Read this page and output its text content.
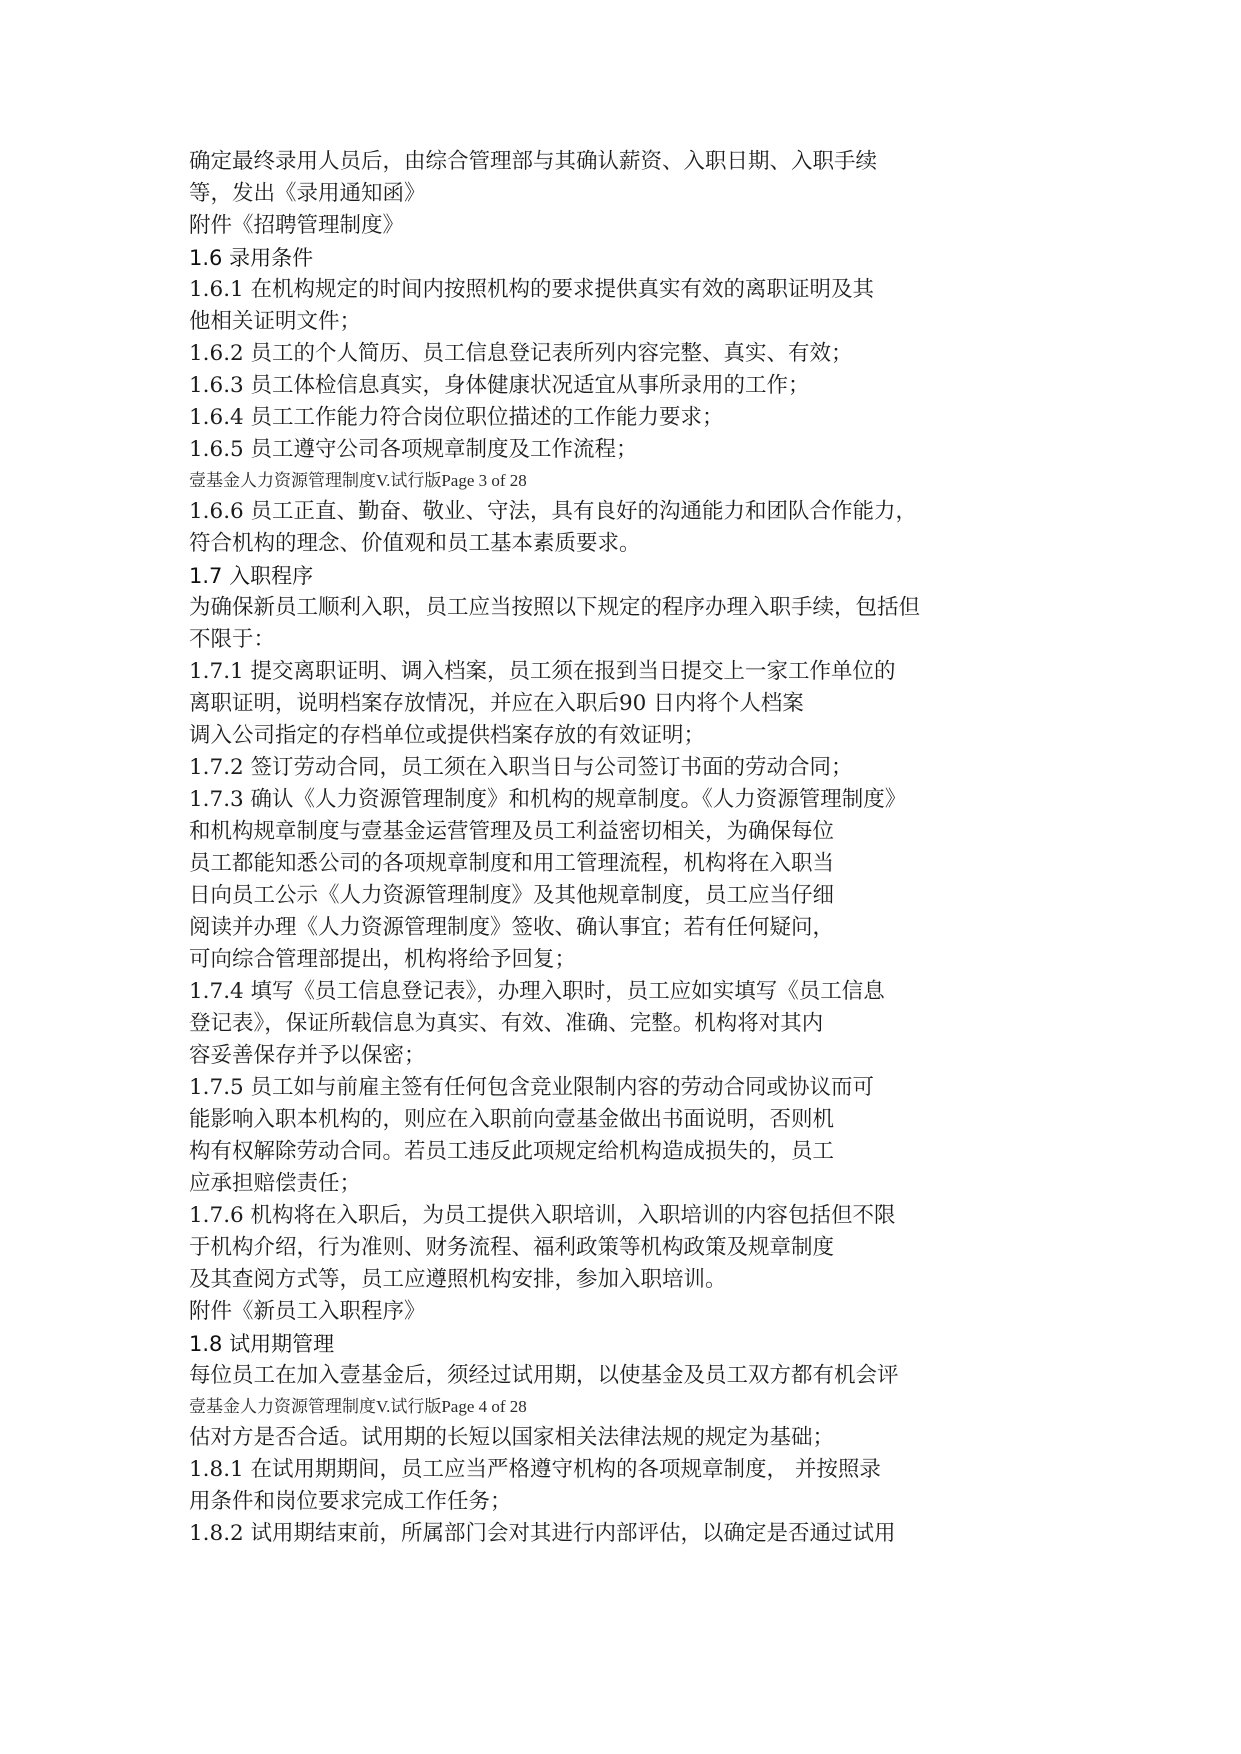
确定最终录用人员后，由综合管理部与其确认薪资、入职日期、入职手续
等，发出《录用通知函》
附件《招聘管理制度》
1.6 录用条件
1.6.1 在机构规定的时间内按照机构的要求提供真实有效的离职证明及其
他相关证明文件；
1.6.2 员工的个人简历、员工信息登记表所列内容完整、真实、有效；
1.6.3 员工体检信息真实，身体健康状况适宜从事所录用的工作；
1.6.4 员工工作能力符合岗位职位描述的工作能力要求；
1.6.5 员工遵守公司各项规章制度及工作流程；
壹基金人力资源管理制度V.试行版Page 3 of 28
1.6.6 员工正直、勤奋、敬业、守法，具有良好的沟通能力和团队合作能力，
符合机构的理念、价值观和员工基本素质要求。
1.7 入职程序
为确保新员工顺利入职，员工应当按照以下规定的程序办理入职手续，包括但
不限于：
1.7.1 提交离职证明、调入档案，员工须在报到当日提交上一家工作单位的
离职证明，说明档案存放情况，并应在入职后90 日内将个人档案
调入公司指定的存档单位或提供档案存放的有效证明；
1.7.2 签订劳动合同，员工须在入职当日与公司签订书面的劳动合同；
1.7.3 确认《人力资源管理制度》和机构的规章制度。《人力资源管理制度》
和机构规章制度与壹基金运营管理及员工利益密切相关，为确保每位
员工都能知悉公司的各项规章制度和用工管理流程，机构将在入职当
日向员工公示《人力资源管理制度》及其他规章制度，员工应当仔细
阅读并办理《人力资源管理制度》签收、确认事宜；若有任何疑问，
可向综合管理部提出，机构将给予回复；
1.7.4 填写《员工信息登记表》，办理入职时，员工应如实填写《员工信息
登记表》，保证所载信息为真实、有效、准确、完整。机构将对其内
容妥善保存并予以保密；
1.7.5 员工如与前雇主签有任何包含竞业限制内容的劳动合同或协议而可
能影响入职本机构的，则应在入职前向壹基金做出书面说明，否则机
构有权解除劳动合同。若员工违反此项规定给机构造成损失的，员工
应承担赔偿责任；
1.7.6 机构将在入职后，为员工提供入职培训，入职培训的内容包括但不限
于机构介绍，行为准则、财务流程、福利政策等机构政策及规章制度
及其查阅方式等，员工应遵照机构安排，参加入职培训。
附件《新员工入职程序》
1.8 试用期管理
每位员工在加入壹基金后，须经过试用期，以使基金及员工双方都有机会评
壹基金人力资源管理制度V.试行版Page 4 of 28
估对方是否合适。试用期的长短以国家相关法律法规的规定为基础；
1.8.1 在试用期期间，员工应当严格遵守机构的各项规章制度， 并按照录
用条件和岗位要求完成工作任务；
1.8.2 试用期结束前，所属部门会对其进行内部评估，以确定是否通过试用
